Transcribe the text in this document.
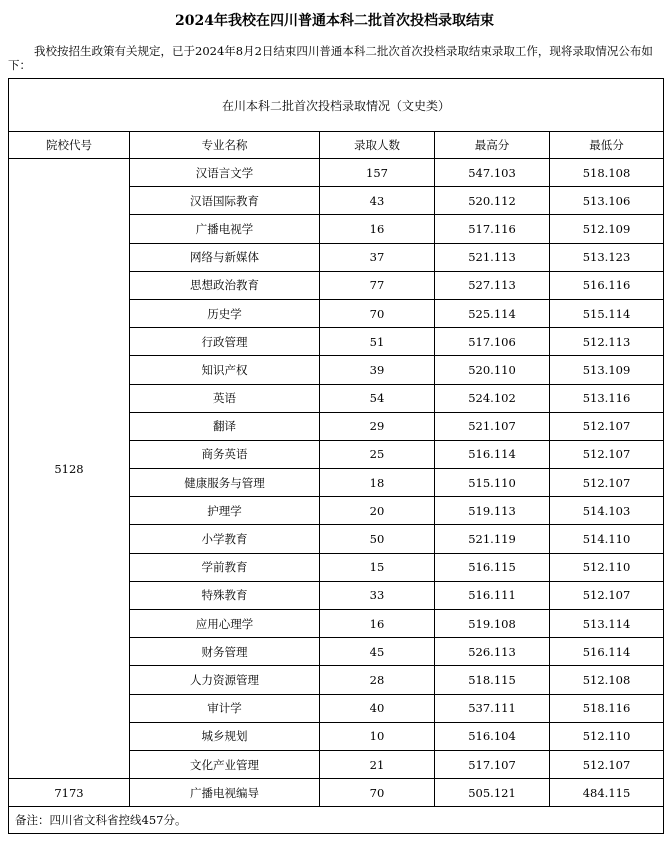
2024年我校在四川普通本科二批首次投档录取结束
我校按招生政策有关规定，已于2024年8月2日结束四川普通本科二批次首次投档录取结束录取工作，现将录取情况公布如下：
在川本科二批首次投档录取情况（文史类）				
院校代号	专业名称	录取人数	最高分	最低分
5128	汉语言文学	157	547.103	518.108
	汉语国际教育	43	520.112	513.106
	广播电视学	16	517.116	512.109
	网络与新媒体	37	521.113	513.123
	思想政治教育	77	527.113	516.116
	历史学	70	525.114	515.114
	行政管理	51	517.106	512.113
	知识产权	39	520.110	513.109
	英语	54	524.102	513.116
	翻译	29	521.107	512.107
	商务英语	25	516.114	512.107
	健康服务与管理	18	515.110	512.107
	护理学	20	519.113	514.103
	小学教育	50	521.119	514.110
	学前教育	15	516.115	512.110
	特殊教育	33	516.111	512.107
	应用心理学	16	519.108	513.114
	财务管理	45	526.113	516.114
	人力资源管理	28	518.115	512.108
	审计学	40	537.111	518.116
	城乡规划	10	516.104	512.110
	文化产业管理	21	517.107	512.107
7173	广播电视编导	70	505.121	484.115
备注：四川省文科省控线457分。				
